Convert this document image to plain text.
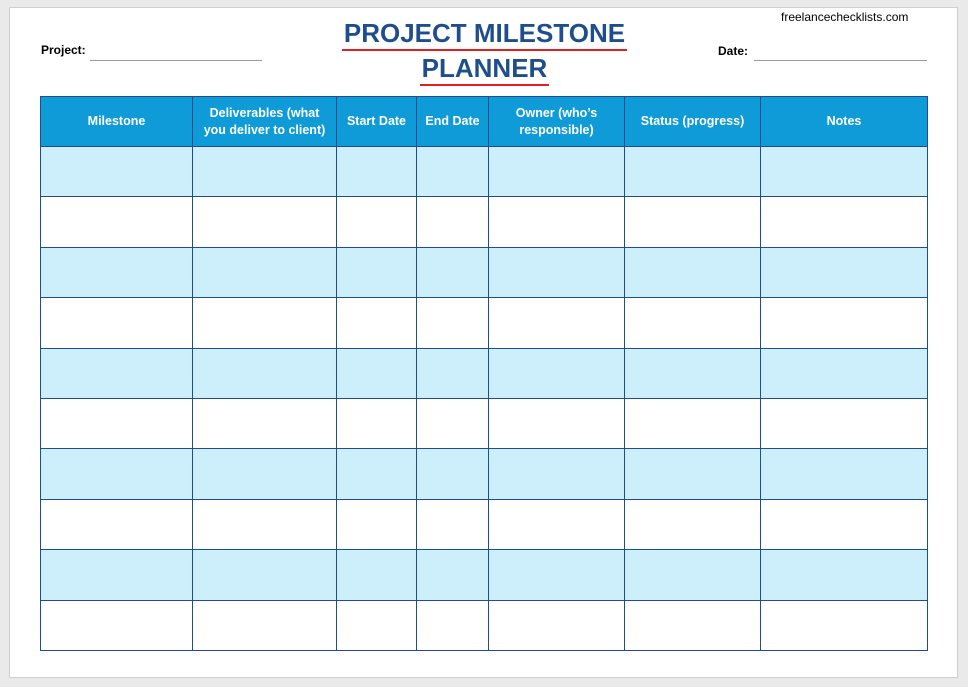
freelancechecklists.com
PROJECT MILESTONE
PLANNER
Project:	Date:
Milestone	Deliverables (what you deliver to client)	Start Date	End Date	Owner (who’s responsible)	Status (progress)	Notes
